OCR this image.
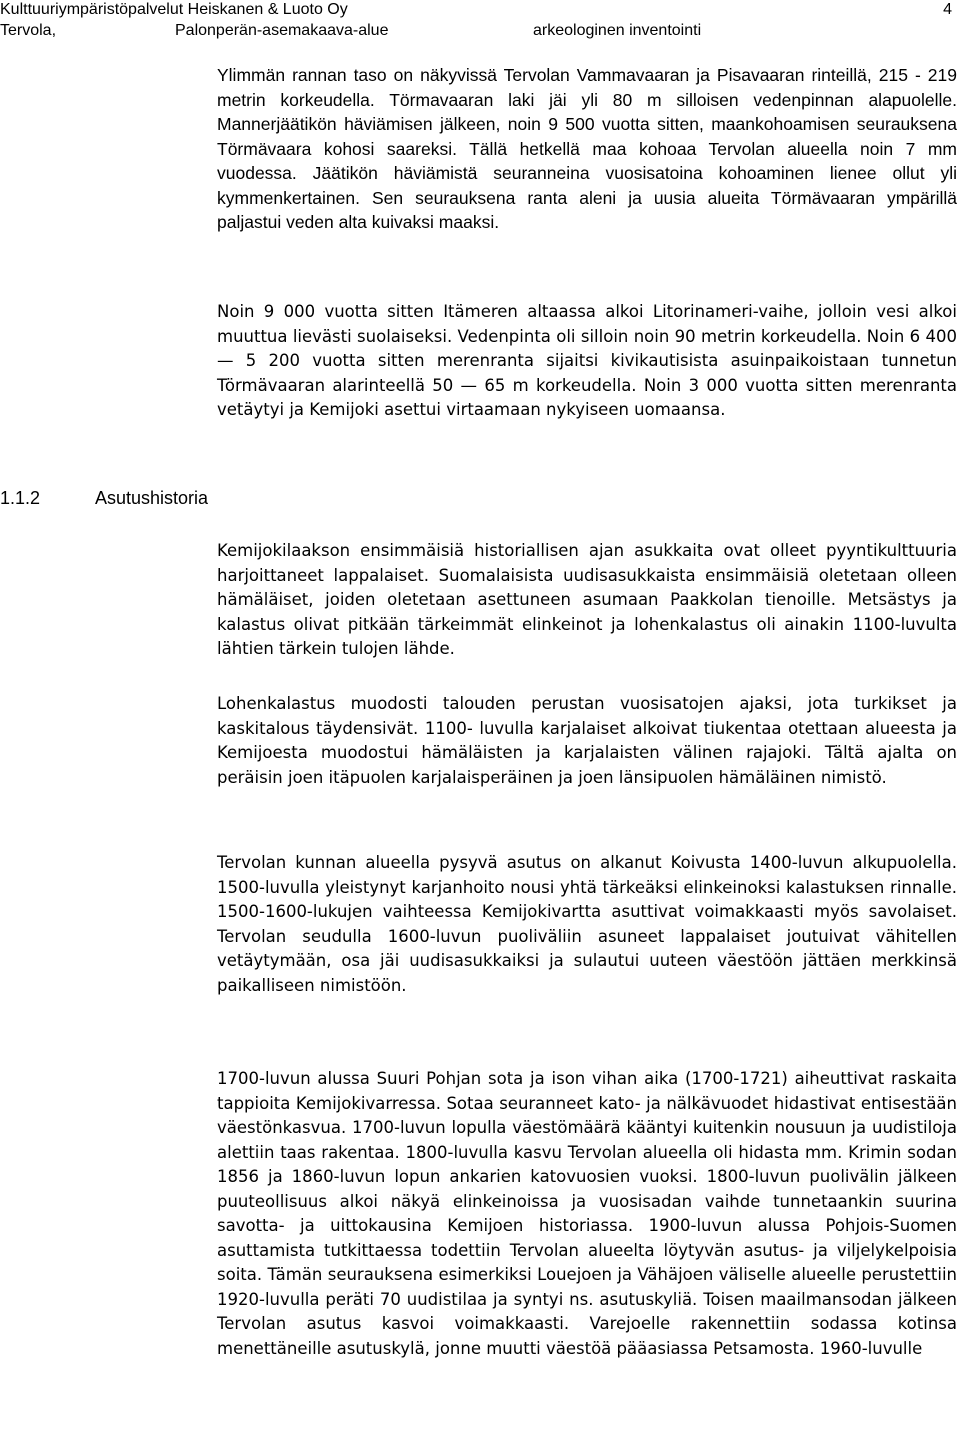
Kulttuuriympäristöpalvelut Heiskanen & Luoto Oy	4
Tervola,	Palonperän-asemakaava-alue	arkeologinen inventointi
1.1.2	Asutushistoria

Ylimmän rannan taso on näkyvissä Tervolan Vammavaaran ja Pisavaaran rinteillä, 215 - 219 metrin korkeudella. Törmavaaran laki jäi yli 80 m silloisen vedenpinnan alapuolelle. Mannerjäätikön häviämisen jälkeen, noin 9 500 vuotta sitten, maankohoamisen seurauksena Törmävaara kohosi saareksi. Tällä hetkellä maa kohoaa Tervolan alueella noin 7 mm vuodessa. Jäätikön häviämistä seuranneina vuosisatoina kohoaminen lienee ollut yli kymmenkertainen. Sen seurauksena ranta aleni ja uusia alueita Törmävaaran ympärillä paljastui veden alta kuivaksi maaksi.

Noin 9 000 vuotta sitten Itämeren altaassa alkoi Litorinameri-vaihe, jolloin vesi alkoi muuttua lievästi suolaiseksi. Vedenpinta oli silloin noin 90 metrin korkeudella. Noin 6 400 — 5 200 vuotta sitten merenranta sijaitsi kivikautisista asuinpaikoistaan tunnetun Törmävaaran alarinteellä 50 — 65 m korkeudella. Noin 3 000 vuotta sitten merenranta vetäytyi ja Kemijoki asettui virtaamaan nykyiseen uomaansa.

Kemijokilaakson ensimmäisiä historiallisen ajan asukkaita ovat olleet pyyntikulttuuria harjoittaneet lappalaiset. Suomalaisista uudisasukkaista ensimmäisiä oletetaan olleen hämäläiset, joiden oletetaan asettuneen asumaan Paakkolan tienoille. Metsästys ja kalastus olivat pitkään tärkeimmät elinkeinot ja lohenkalastus oli ainakin 1100-luvulta lähtien tärkein tulojen lähde.

Lohenkalastus muodosti talouden perustan vuosisatojen ajaksi, jota turkikset ja kaskitalous täydensivät. 1100- luvulla karjalaiset alkoivat tiukentaa otettaan alueesta ja Kemijoesta muodostui hämäläisten ja karjalaisten välinen rajajoki. Tältä ajalta on peräisin joen itäpuolen karjalaisperäinen ja joen länsipuolen hämäläinen nimistö.

Tervolan kunnan alueella pysyvä asutus on alkanut Koivusta 1400-luvun alkupuolella. 1500-luvulla yleistynyt karjanhoito nousi yhtä tärkeäksi elinkeinoksi kalastuksen rinnalle. 1500-1600-lukujen vaihteessa Kemijokivartta asuttivat voimakkaasti myös savolaiset. Tervolan seudulla 1600-luvun puoliväliin asuneet lappalaiset joutuivat vähitellen vetäytymään, osa jäi uudisasukkaiksi ja sulautui uuteen väestöön jättäen merkkinsä paikalliseen nimistöön.

1700-luvun alussa Suuri Pohjan sota ja ison vihan aika (1700-1721) aiheuttivat raskaita tappioita Kemijokivarressa. Sotaa seuranneet kato- ja nälkävuodet hidastivat entisestään väestönkasvua. 1700-luvun lopulla väestömäärä kääntyi kuitenkin nousuun ja uudistiloja alettiin taas rakentaa. 1800-luvulla kasvu Tervolan alueella oli hidasta mm. Krimin sodan 1856 ja 1860-luvun lopun ankarien katovuosien vuoksi. 1800-luvun puolivälin jälkeen puuteollisuus alkoi näkyä elinkeinoissa ja vuosisadan vaihde tunnetaankin suurina savotta- ja uittokausina Kemijoen historiassa. 1900-luvun alussa Pohjois-Suomen asuttamista tutkittaessa todettiin Tervolan alueelta löytyvän asutus- ja viljelykelpoisia soita. Tämän seurauksena esimerkiksi Louejoen ja Vähäjoen väliselle alueelle perustettiin 1920-luvulla peräti 70 uudistilaa ja syntyi ns. asutuskyliä. Toisen maailmansodan jälkeen Tervolan asutus kasvoi voimakkaasti. Varejoelle rakennettiin sodassa kotinsa menettäneille asutuskylä, jonne muutti väestöä pääasiassa Petsamosta. 1960-luvulle
